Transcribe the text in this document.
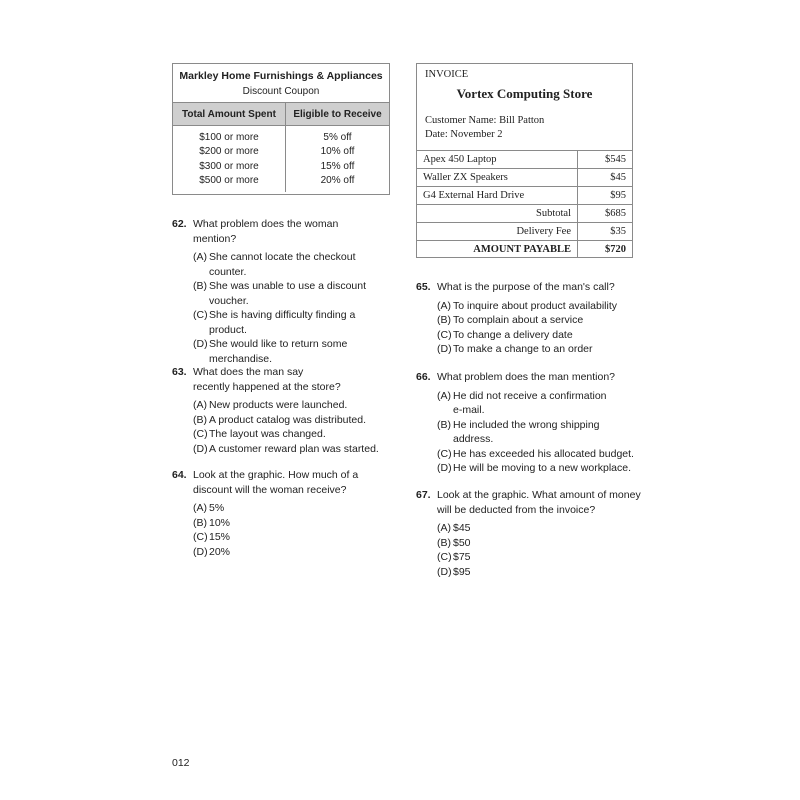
Markley Home Furnishings & Appliances
Discount Coupon
Total Amount Spent	Eligible to Receive
$100 or more	5% off
$200 or more	10% off
$300 or more	15% off
$500 or more	20% off
INVOICE
Vortex Computing Store
Customer Name: Bill Patton
Date: November 2
Apex 450 Laptop	$545
Waller ZX Speakers	$45
G4 External Hard Drive	$95
Subtotal	$685
Delivery Fee	$35
AMOUNT PAYABLE	$720
62. What problem does the woman mention?
(A) She cannot locate the checkout counter.
(B) She was unable to use a discount voucher.
(C) She is having difficulty finding a product.
(D) She would like to return some merchandise.
63. What does the man say recently happened at the store?
(A) New products were launched.
(B) A product catalog was distributed.
(C) The layout was changed.
(D) A customer reward plan was started.
64. Look at the graphic. How much of a discount will the woman receive?
(A) 5%
(B) 10%
(C) 15%
(D) 20%
65. What is the purpose of the man's call?
(A) To inquire about product availability
(B) To complain about a service
(C) To change a delivery date
(D) To make a change to an order
66. What problem does the man mention?
(A) He did not receive a confirmation e-mail.
(B) He included the wrong shipping address.
(C) He has exceeded his allocated budget.
(D) He will be moving to a new workplace.
67. Look at the graphic. What amount of money will be deducted from the invoice?
(A) $45
(B) $50
(C) $75
(D) $95
012
